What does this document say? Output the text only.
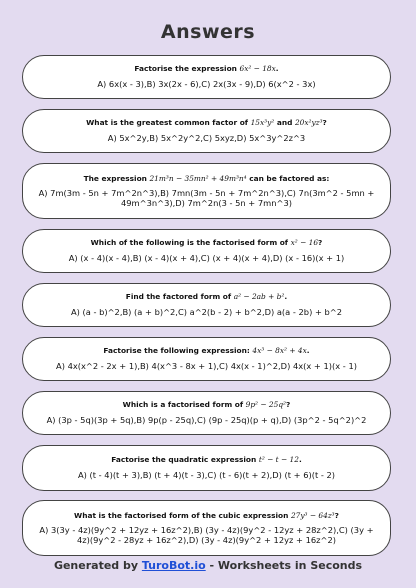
Answers
Factorise the expression 6x² − 18x.
A) 6x(x - 3),B) 3x(2x - 6),C) 2x(3x - 9),D) 6(x^2 - 3x)
What is the greatest common factor of 15x³y² and 20x²yz³?
A) 5x^2y,B) 5x^2y^2,C) 5xyz,D) 5x^3y^2z^3
The expression 21m³n − 35mn² + 49m³n⁴ can be factored as:
A) 7m(3m - 5n + 7m^2n^3),B) 7mn(3m - 5n + 7m^2n^3),C) 7n(3m^2 - 5mn + 49m^3n^3),D) 7m^2n(3 - 5n + 7mn^3)
Which of the following is the factorised form of x² − 16?
A) (x - 4)(x - 4),B) (x - 4)(x + 4),C) (x + 4)(x + 4),D) (x - 16)(x + 1)
Find the factored form of a² − 2ab + b².
A) (a - b)^2,B) (a + b)^2,C) a^2(b - 2) + b^2,D) a(a - 2b) + b^2
Factorise the following expression: 4x³ − 8x² + 4x.
A) 4x(x^2 - 2x + 1),B) 4(x^3 - 8x + 1),C) 4x(x - 1)^2,D) 4x(x + 1)(x - 1)
Which is a factorised form of 9p² − 25q²?
A) (3p - 5q)(3p + 5q),B) 9p(p - 25q),C) (9p - 25q)(p + q),D) (3p^2 - 5q^2)^2
Factorise the quadratic expression t² − t − 12.
A) (t - 4)(t + 3),B) (t + 4)(t - 3),C) (t - 6)(t + 2),D) (t + 6)(t - 2)
What is the factorised form of the cubic expression 27y³ − 64z³?
A) 3(3y - 4z)(9y^2 + 12yz + 16z^2),B) (3y - 4z)(9y^2 - 12yz + 28z^2),C) (3y + 4z)(9y^2 - 28yz + 16z^2),D) (3y - 4z)(9y^2 + 12yz + 16z^2)
Generated by TuroBot.io - Worksheets in Seconds
